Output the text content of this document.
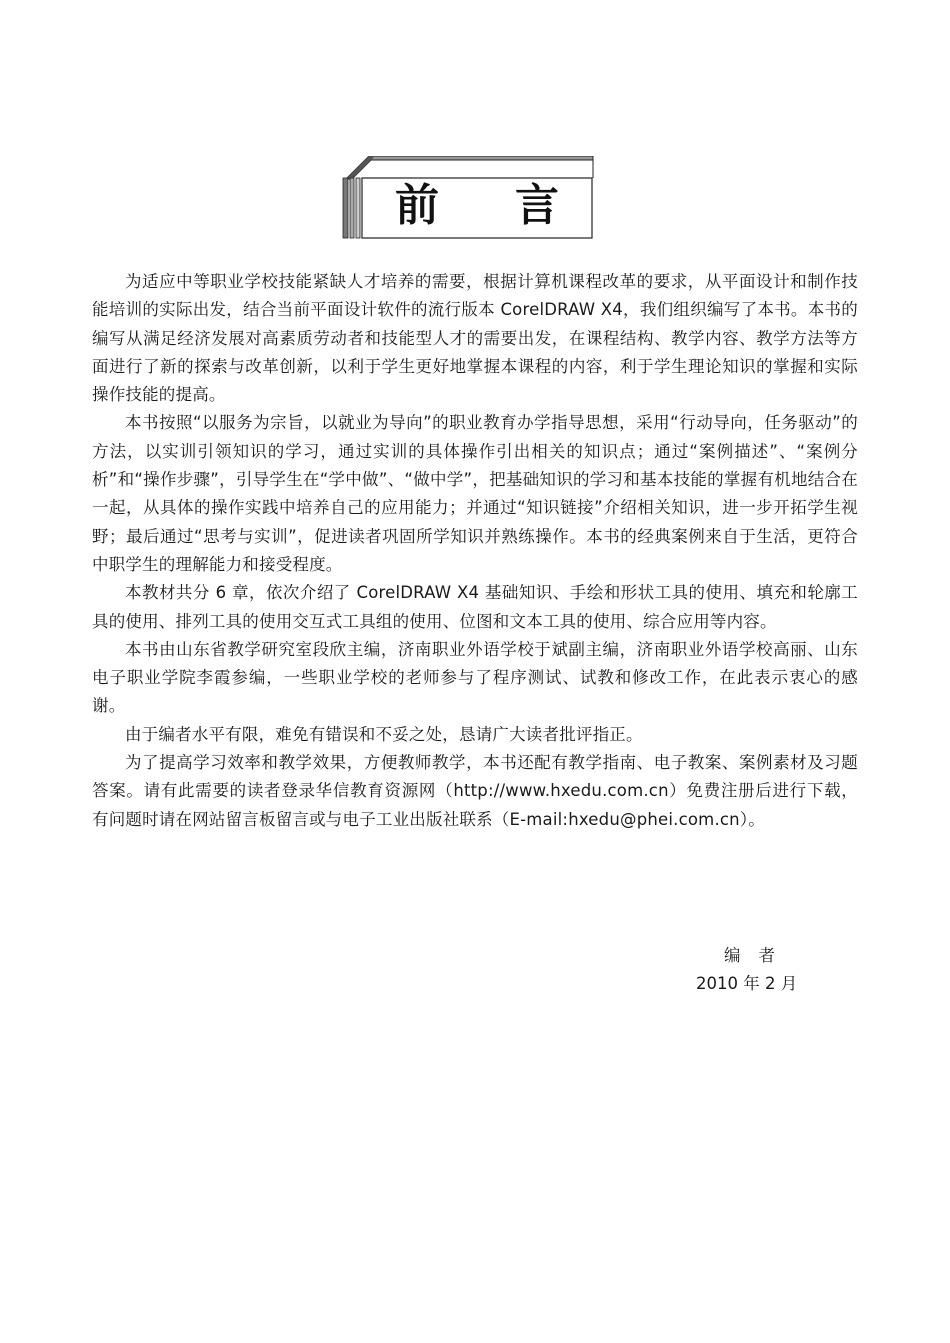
前 言

为适应中等职业学校技能紧缺人才培养的需要，根据计算机课程改革的要求，从平面设计和制作技能培训的实际出发，结合当前平面设计软件的流行版本 CorelDRAW X4，我们组织编写了本书。本书的编写从满足经济发展对高素质劳动者和技能型人才的需要出发，在课程结构、教学内容、教学方法等方面进行了新的探索与改革创新，以利于学生更好地掌握本课程的内容，利于学生理论知识的掌握和实际操作技能的提高。

本书按照“以服务为宗旨，以就业为导向”的职业教育办学指导思想，采用“行动导向，任务驱动”的方法，以实训引领知识的学习，通过实训的具体操作引出相关的知识点；通过“案例描述”、“案例分析”和“操作步骤”，引导学生在“学中做”、“做中学”，把基础知识的学习和基本技能的掌握有机地结合在一起，从具体的操作实践中培养自己的应用能力；并通过“知识链接”介绍相关知识，进一步开拓学生视野；最后通过“思考与实训”，促进读者巩固所学知识并熟练操作。本书的经典案例来自于生活，更符合中职学生的理解能力和接受程度。

本教材共分 6 章，依次介绍了 CorelDRAW X4 基础知识、手绘和形状工具的使用、填充和轮廓工具的使用、排列工具的使用交互式工具组的使用、位图和文本工具的使用、综合应用等内容。

本书由山东省教学研究室段欣主编，济南职业外语学校于斌副主编，济南职业外语学校高丽、山东电子职业学院李霞参编，一些职业学校的老师参与了程序测试、试教和修改工作，在此表示衷心的感谢。

由于编者水平有限，难免有错误和不妥之处，恳请广大读者批评指正。

为了提高学习效率和教学效果，方便教师教学，本书还配有教学指南、电子教案、案例素材及习题答案。请有此需要的读者登录华信教育资源网（http://www.hxedu.com.cn）免费注册后进行下载，有问题时请在网站留言板留言或与电子工业出版社联系（E-mail:hxedu@phei.com.cn）。

编者
2010 年 2 月
